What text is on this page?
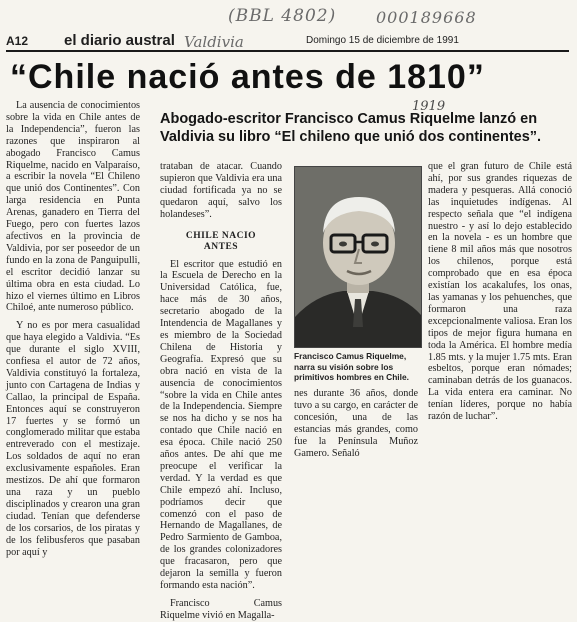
(BBL 4802) 000189668
Valdivia
1919
A12 el diario austral	Domingo 15 de diciembre de 1991
“Chile nació antes de 1810”
Abogado-escritor Francisco Camus Riquelme lanzó en Valdivia su libro “El chileno que unió dos continentes”.

La ausencia de conocimientos sobre la vida en Chile antes de la Independencia”, fueron las razones que inspiraron al abogado Francisco Camus Riquelme, nacido en Valparaíso, a escribir la novela “El Chileno que unió dos Continentes”. Con larga residencia en Punta Arenas, ganadero en Tierra del Fuego, pero con fuertes lazos afectivos en la provincia de Valdivia, por ser poseedor de un fundo en la zona de Panguipulli, el escritor decidió lanzar su última obra en esta ciudad. Lo hizo el viernes último en Libros Chiloé, ante numeroso público.

Y no es por mera casualidad que haya elegido a Valdivia. “Es que durante el siglo XVIII, confiesa el autor de 72 años, Valdivia constituyó la fortaleza, junto con Cartagena de Indias y Callao, la principal de España. Entonces aquí se construyeron 17 fuertes y se formó un conglomerado militar que estaba entreverado con el mestizaje. Los soldados de aquí no eran exclusivamente españoles. Eran mestizos. De ahí que formaron una raza y un pueblo disciplinados y crearon una gran ciudad. Tenían que defenderse de los corsarios, de los piratas y de los felibusferos que pasaban por aquí y

trataban de atacar. Cuando supieron que Valdivia era una ciudad fortificada ya no se quedaron aquí, salvo los holandeses”.

CHILE NACIO
ANTES

El escritor que estudió en la Escuela de Derecho en la Universidad Católica, fue, hace más de 30 años, secretario abogado de la Intendencia de Magallanes y es miembro de la Sociedad Chilena de Historia y Geografía. Expresó que su obra nació en vista de la ausencia de conocimientos “sobre la vida en Chile antes de la Independencia. Siempre se nos ha dicho y se nos ha contado que Chile nació en esa época. Chile nació 250 años antes. De ahí que me preocupe el verificar la verdad. Y la verdad es que Chile empezó ahí. Incluso, podríamos decir que comenzó con el paso de Hernando de Magallanes, de Pedro Sarmiento de Gamboa, de los grandes colonizadores que fracasaron, pero que dejaron la semilla y fueron formando esta nación”.

Francisco Camus Riquelme vivió en Magalla-

Francisco Camus Riquelme, narra su visión sobre los primitivos hombres en Chile.

nes durante 36 años, donde tuvo a su cargo, en carácter de concesión, una de las estancias más grandes, como fue la Península Muñoz Gamero. Señaló

que el gran futuro de Chile está ahí, por sus grandes riquezas de madera y pesqueras. Allá conoció las inquietudes indígenas. Al respecto señala que “el indígena nuestro - y así lo dejo establecido en la novela - es un hombre que tiene 8 mil años más que nosotros los chilenos, porque está comprobado que en esa época existían los acakalufes, los onas, las yamanas y los pehuenches, que formaron una raza excepcionalmente valiosa. Eran los tipos de mejor figura humana en toda la América. El hombre medía 1.85 mts. y la mujer 1.75 mts. Eran esbeltos, porque eran nómades; caminaban detrás de los guanacos. La vida entera era caminar. No tenían líderes, porque no había razón de luchar”.
